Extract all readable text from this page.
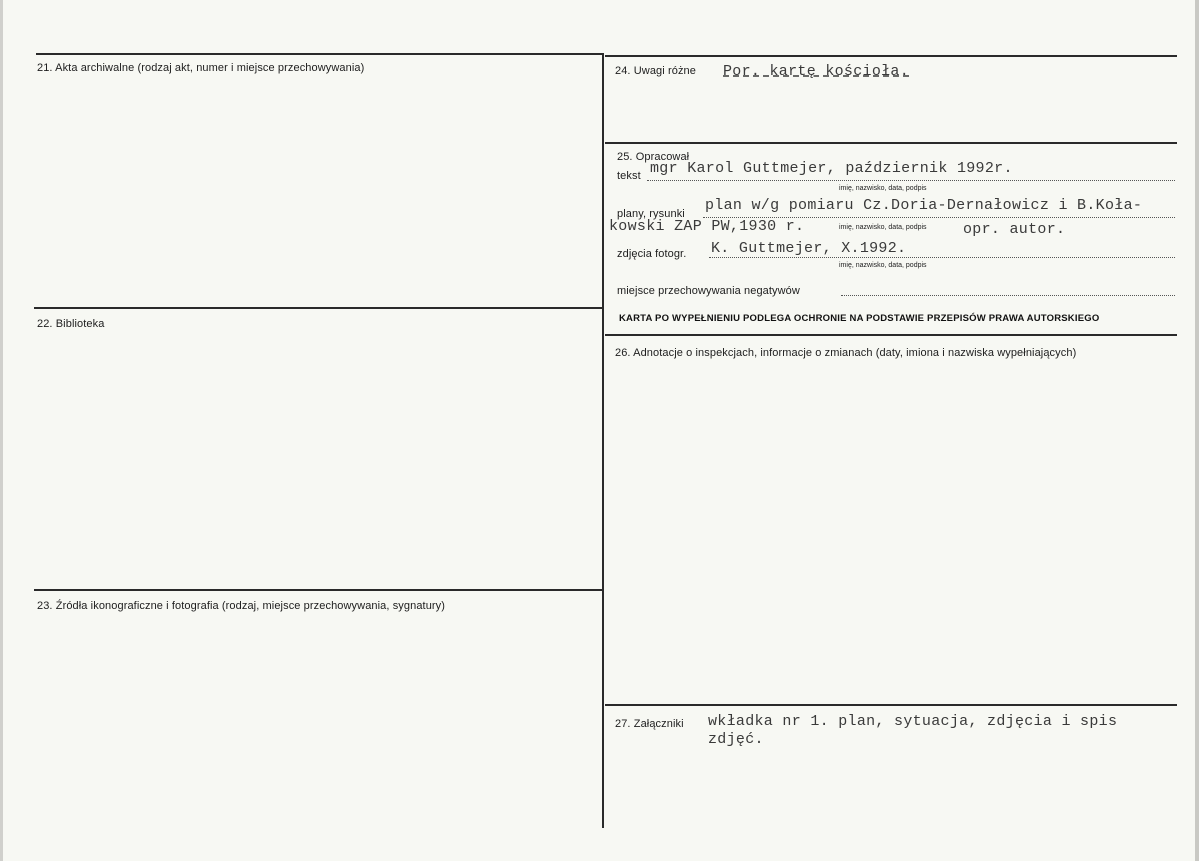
21. Akta archiwalne (rodzaj akt, numer i miejsce przechowywania)
22. Biblioteka
23. Źródła ikonograficzne i fotografia (rodzaj, miejsce przechowywania, sygnatury)
24. Uwagi różne Por. kartę kościoła.
25. Opracował
tekst mgr Karol Guttmejer, październik 1992r.
imię, nazwisko, data, podpis
plany, rysunki plan w/g pomiaru Cz.Doria-Dernałowicz i B.Koła-
kowski ZAP PW,1930 r.	imię, nazwisko, data, podpis opr. autor.
zdjęcia fotogr. K. Guttmejer, X.1992.
imię, nazwisko, data, podpis
miejsce przechowywania negatywów
KARTA PO WYPEŁNIENIU PODLEGA OCHRONIE NA PODSTAWIE PRZEPISÓW PRAWA AUTORSKIEGO
26. Adnotacje o inspekcjach, informacje o zmianach (daty, imiona i nazwiska wypełniających)
27. Załączniki wkładka nr 1. plan, sytuacja, zdjęcia i spis
zdjęć.
